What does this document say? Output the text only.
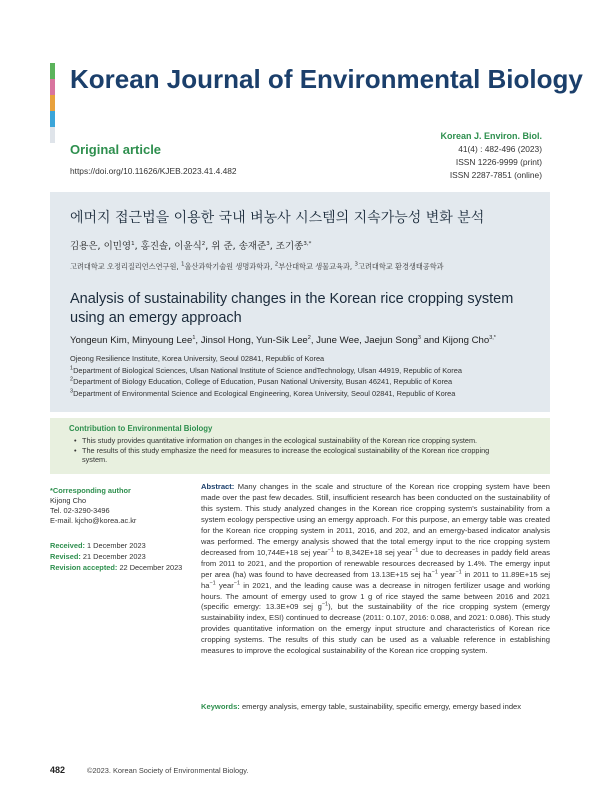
Korean Journal of Environmental Biology
Original article
https://doi.org/10.11626/KJEB.2023.41.4.482
Korean J. Environ. Biol.
41(4) : 482-496 (2023)
ISSN 1226-9999 (print)
ISSN 2287-7851 (online)
에머지 접근법을 이용한 국내 벼농사 시스템의 지속가능성 변화 분석
김용은, 이민영$^1$, 홍진솔, 이윤식$^2$, 위 준, 송재준$^3$, 조기종$^{3,*}$
고려대학교 오정리질리언스연구원, $^1$울산과학기술원 생명과학과, $^2$부산대학교 생물교육과, $^3$고려대학교 환경생태공학과
Analysis of sustainability changes in the Korean rice cropping system using an emergy approach
Yongeun Kim, Minyoung Lee$^1$, Jinsol Hong, Yun-Sik Lee$^2$, June Wee, Jaejun Song$^3$ and Kijong Cho$^{3,*}$
Ojeong Resilience Institute, Korea University, Seoul 02841, Republic of Korea
$^1$Department of Biological Sciences, Ulsan National Institute of Science andTechnology, Ulsan 44919, Republic of Korea
$^2$Department of Biology Education, College of Education, Pusan National University, Busan 46241, Republic of Korea
$^3$Department of Environmental Science and Ecological Engineering, Korea University, Seoul 02841, Republic of Korea
Contribution to Environmental Biology
• This study provides quantitative information on changes in the ecological sustainability of the Korean rice cropping system.
• The results of this study emphasize the need for measures to increase the ecological sustainability of the Korean rice cropping system.
*Corresponding author
Kijong Cho
Tel. 02-3290-3496
E-mail. kjcho@korea.ac.kr
Received: 1 December 2023
Revised: 21 December 2023
Revision accepted: 22 December 2023
Abstract: Many changes in the scale and structure of the Korean rice cropping system have been made over the past few decades. Still, insufficient research has been conducted on the sustainability of this system. This study analyzed changes in the Korean rice cropping system's sustainability from a system ecology perspective using an emergy approach. For this purpose, an emergy table was created for the Korean rice cropping system in 2011, 2016, and 202, and an emergy-based indicator analysis was performed. The emergy analysis showed that the total emergy input to the rice cropping system decreased from 10,744E+18 sej year$^{-1}$ to 8,342E+18 sej year$^{-1}$ due to decreases in paddy field areas from 2011 to 2021, and the proportion of renewable resources decreased by 1.4%. The emergy input per area (ha) was found to have decreased from 13.13E+15 sej $ha^{-1}$ year$^{-1}$ in 2011 to 11.89E+15 sej $ha^{-1}$ year$^{-1}$ in 2021, and the leading cause was a decrease in nitrogen fertilizer usage and working hours. The amount of emergy used to grow 1 g of rice stayed the same between 2016 and 2021 (specific emergy: 13.3E+09 sej $g^{-1}$), but the sustainability of the rice cropping system (emergy sustainability index, ESI) continued to decrease (2011: 0.107, 2016: 0.088, and 2021: 0.086). This study provides quantitative information on the emergy input structure and characteristics of Korean rice cropping systems. The results of this study can be used as a valuable reference in establishing measures to improve the ecological sustainability of the Korean rice cropping system.
Keywords: emergy analysis, emergy table, sustainability, specific emergy, emergy based index
482	©2023. Korean Society of Environmental Biology.
